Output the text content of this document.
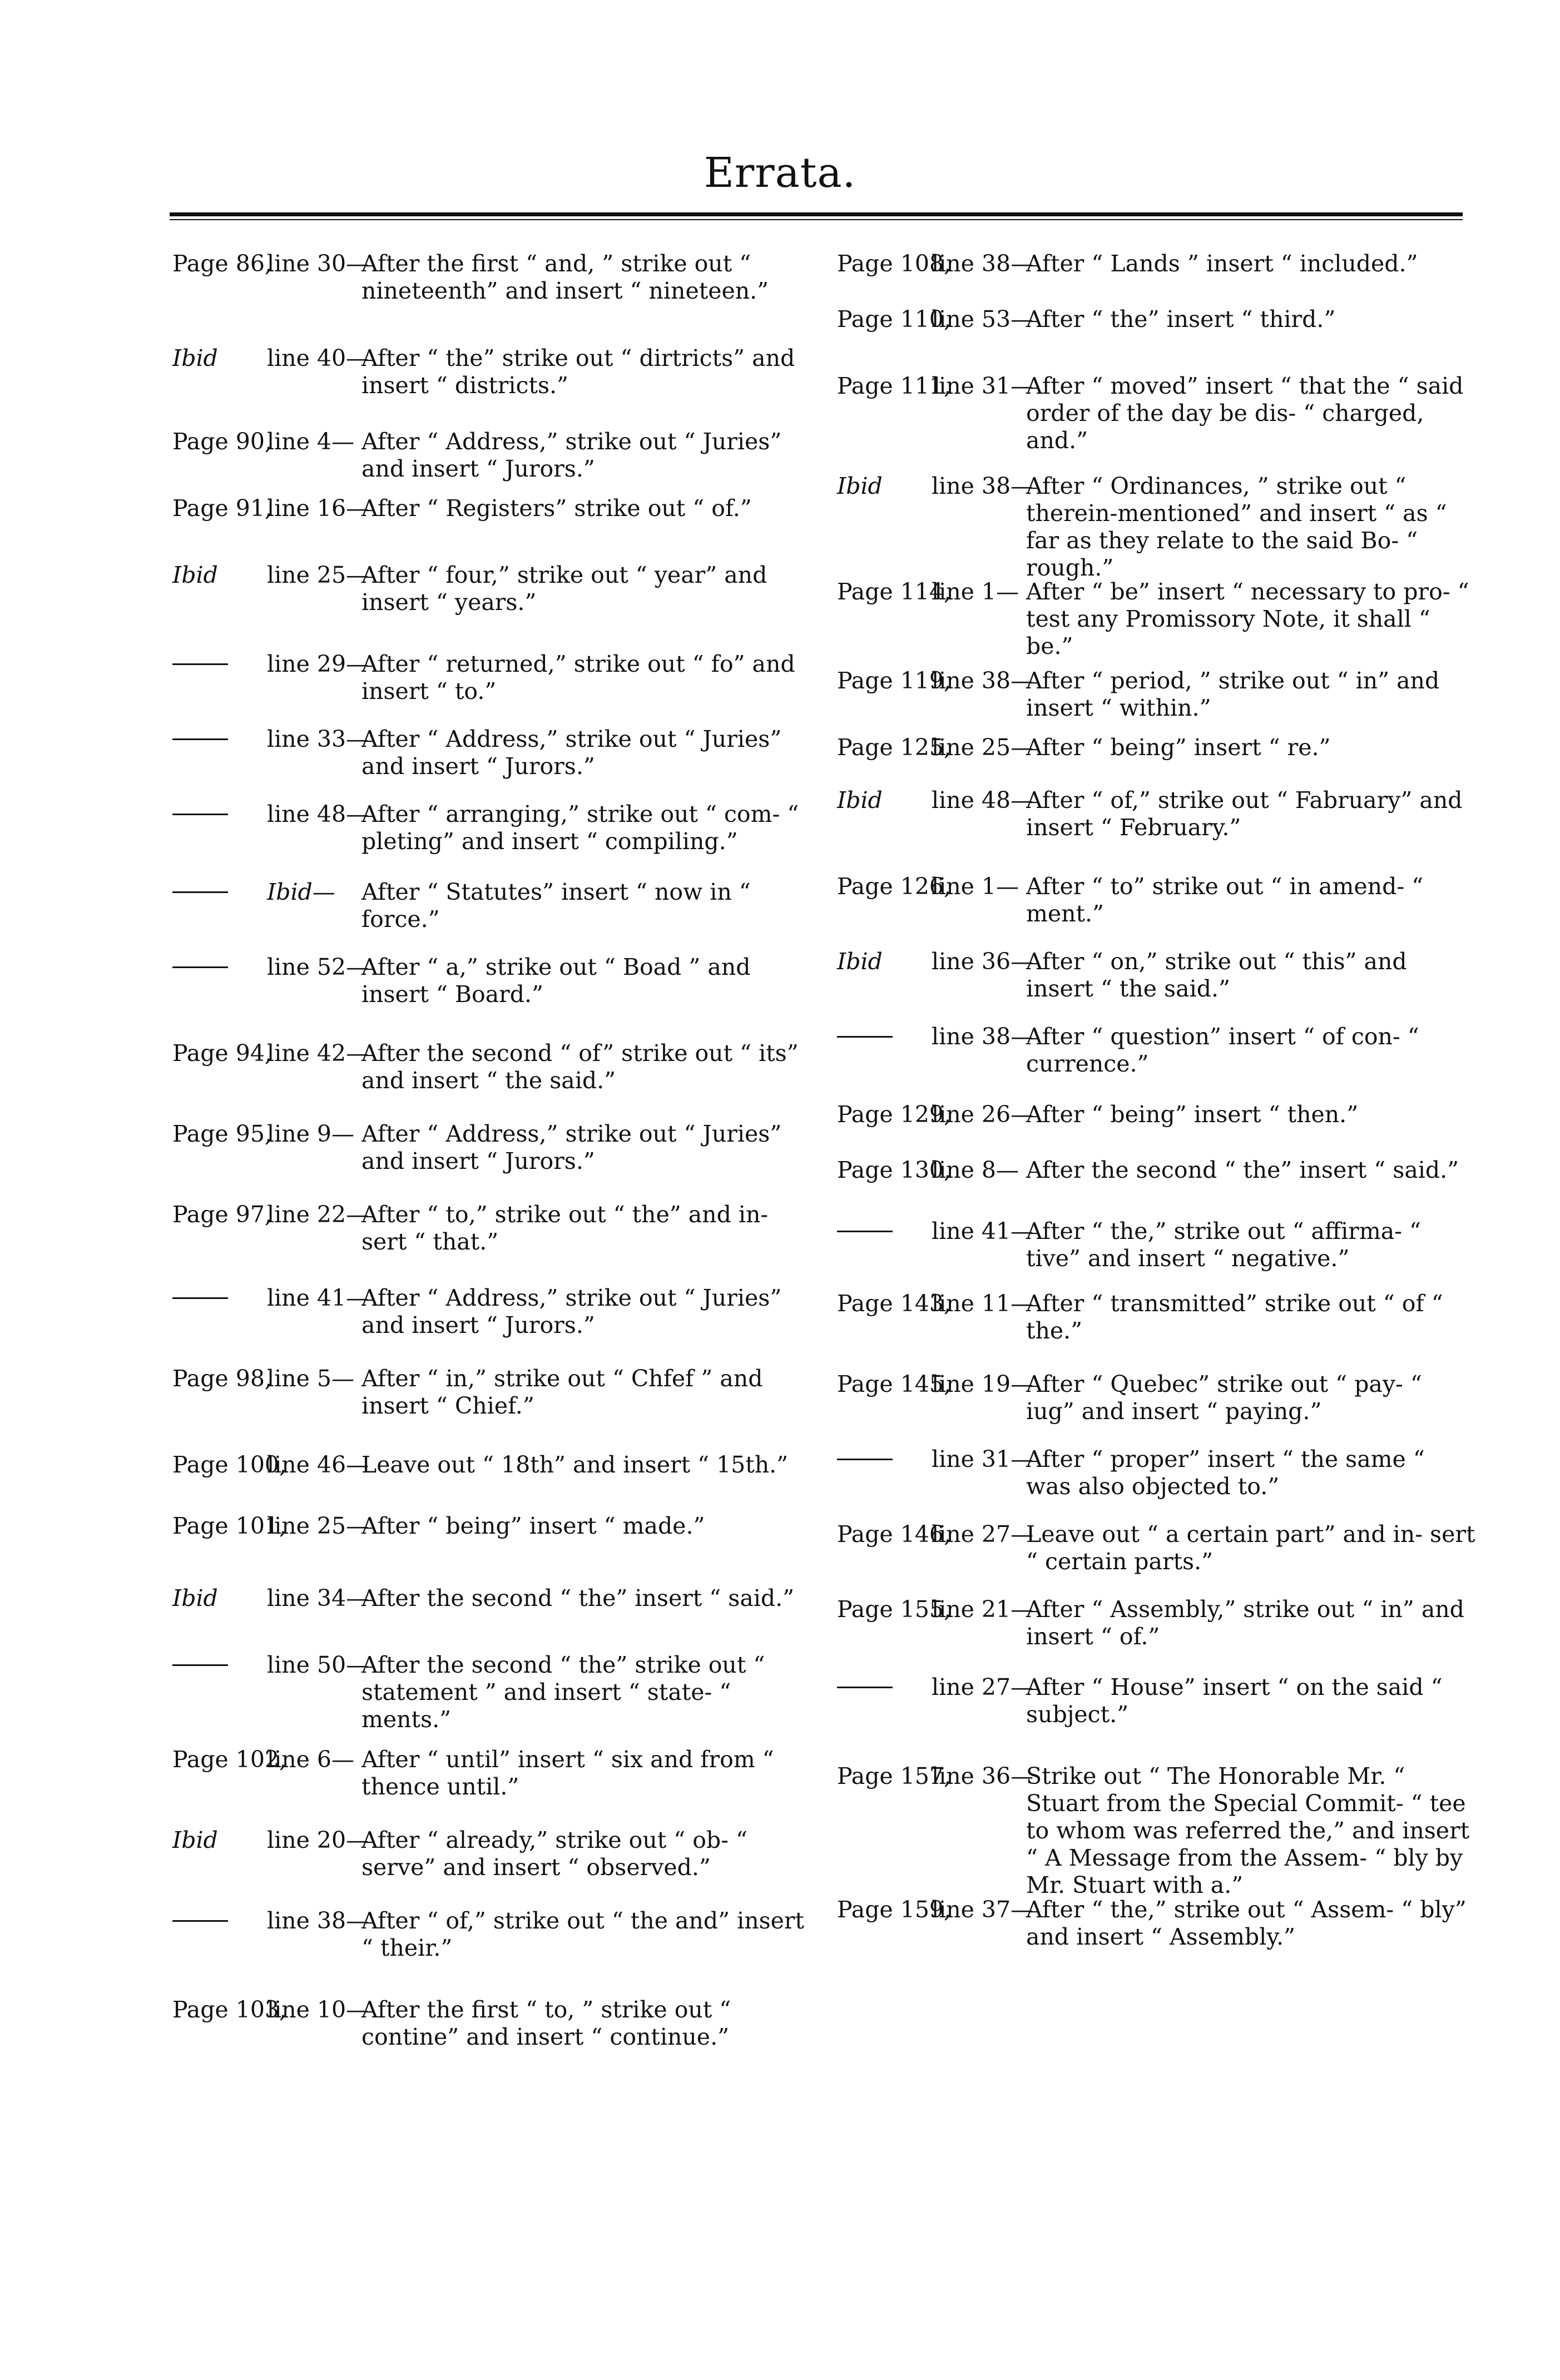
Errata.
Page 86,
line 30—
After the first “ and, ” strike out “ nineteenth” and insert “ nineteen.”
Ibid line 40—
After “ the” strike out “ dirtricts” and insert “ districts.”
Page 90,
line 4— After “ Address,” strike out “ Juries” and insert “ Jurors.”
Page 91,
line 16—
After “ Registers” strike out “ of.”
Ibid line 25—
After “ four,” strike out “ year” and insert “ years.”
line 29—
After “ returned,” strike out “ fo” and insert “ to.”
line 33—
After “ Address,” strike out “ Juries” and insert “ Jurors.”
line 48—
After “ arranging,” strike out “ com- “ pleting” and insert “ compiling.”
Ibid— After “ Statutes” insert “ now in “ force.”
line 52—
After “ a,” strike out “ Boad ” and insert “ Board.”
Page 94,
line 42—
After the second “ of” strike out “ its” and insert “ the said.”
Page 95,
line 9— After “ Address,” strike out “ Juries” and insert “ Jurors.”
Page 97,
line 22—
After “ to,” strike out “ the” and in- sert “ that.”
line 41—
After “ Address,” strike out “ Juries” and insert “ Jurors.”
Page 98,
line 5— After “ in,” strike out “ Chfef ” and insert “ Chief.”
Page 100,
line 46—
Leave out “ 18th” and insert “ 15th.”
Page 101,
line 25—
After “ being” insert “ made.”
Ibid line 34—
After the second “ the” insert “ said.”
line 50—
After the second “ the” strike out “ statement ” and insert “ state- “ ments.”
Page 102,
line 6— After “ until” insert “ six and from “ thence until.”
Ibid line 20—
After “ already,” strike out “ ob- “ serve” and insert “ observed.”
line 38—
After “ of,” strike out “ the and” insert “ their.”
Page 103,
line 10—
After the first “ to, ” strike out “ contine” and insert “ continue.”
Page 108,
line 38—
After “ Lands ” insert “ included.”
Page 110,
line 53—
After “ the” insert “ third.”
Page 111,
line 31—
After “ moved” insert “ that the “ said order of the day be dis- “ charged, and.”
Ibid line 38—
After “ Ordinances, ” strike out “ therein-mentioned” and insert “ as “ far as they relate to the said Bo- “ rough.”
Page 114,
line 1— After “ be” insert “ necessary to pro- “ test any Promissory Note, it shall “ be.”
Page 119,
line 38—
After “ period, ” strike out “ in” and insert “ within.”
Page 125,
line 25—
After “ being” insert “ re.”
Ibid line 48—
After “ of,” strike out “ Fabruary” and insert “ February.”
Page 126,
line 1— After “ to” strike out “ in amend- “ ment.”
Ibid line 36—
After “ on,” strike out “ this” and insert “ the said.”
line 38—
After “ question” insert “ of con- “ currence.”
Page 129,
line 26—
After “ being” insert “ then.”
Page 130,
line 8— After the second “ the” insert “ said.”
line 41—
After “ the,” strike out “ affirma- “ tive” and insert “ negative.”
Page 143,
line 11—
After “ transmitted” strike out “ of “ the.”
Page 145,
line 19—
After “ Quebec” strike out “ pay- “ iug” and insert “ paying.”
line 31—
After “ proper” insert “ the same “ was also objected to.”
Page 146,
line 27—
Leave out “ a certain part” and in- sert “ certain parts.”
Page 155,
line 21—
After “ Assembly,” strike out “ in” and insert “ of.”
line 27—
After “ House” insert “ on the said “ subject.”
Page 157,
line 36—
Strike out “ The Honorable Mr. “ Stuart from the Special Commit- “ tee to whom was referred the,” and insert “ A Message from the Assem- “ bly by Mr. Stuart with a.”
Page 159,
line 37—
After “ the,” strike out “ Assem- “ bly” and insert “ Assembly.”
